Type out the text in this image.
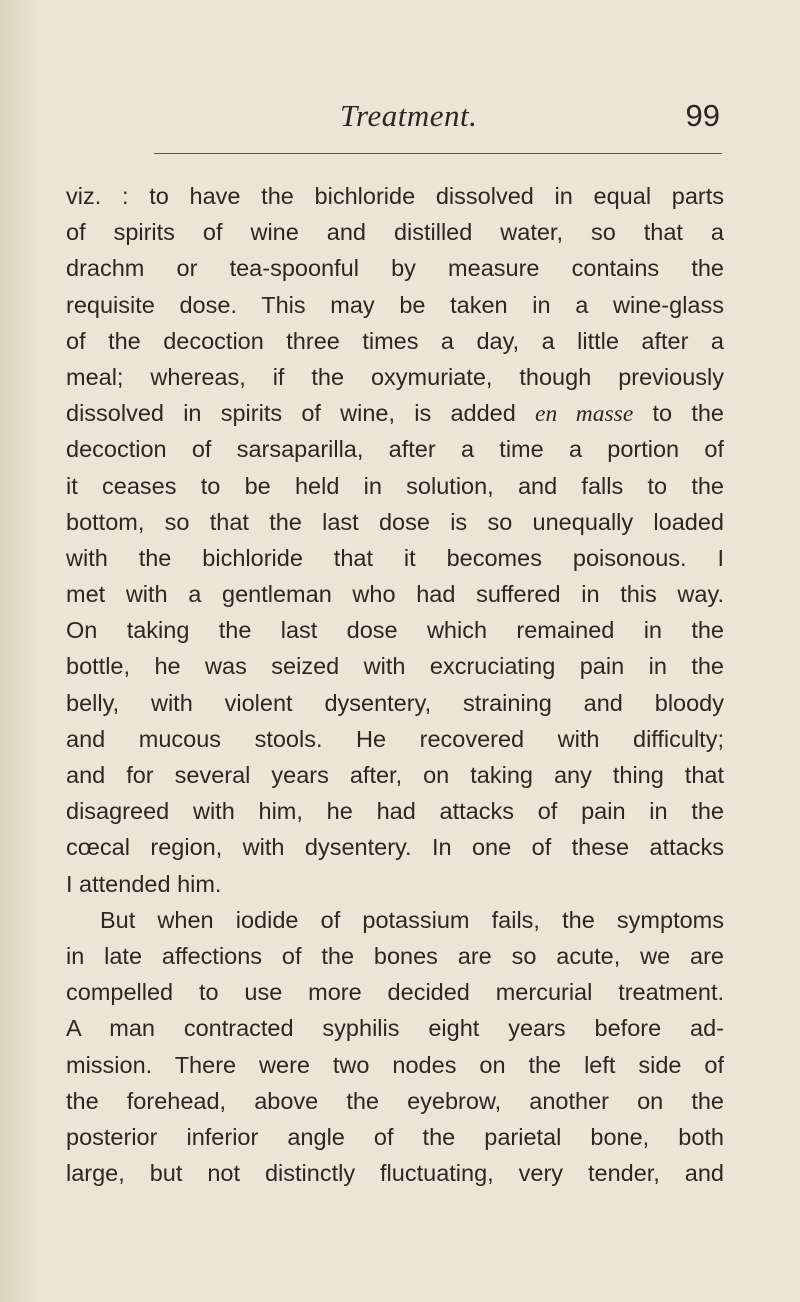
Treatment.	99
viz. : to have the bichloride dissolved in equal parts
of spirits of wine and distilled water, so that a
drachm or tea-spoonful by measure contains the
requisite dose. This may be taken in a wine-glass
of the decoction three times a day, a little after a
meal; whereas, if the oxymuriate, though previously
dissolved in spirits of wine, is added en masse to the
decoction of sarsaparilla, after a time a portion of
it ceases to be held in solution, and falls to the
bottom, so that the last dose is so unequally loaded
with the bichloride that it becomes poisonous. I
met with a gentleman who had suffered in this way.
On taking the last dose which remained in the
bottle, he was seized with excruciating pain in the
belly, with violent dysentery, straining and bloody
and mucous stools. He recovered with difficulty;
and for several years after, on taking any thing that
disagreed with him, he had attacks of pain in the
cœcal region, with dysentery. In one of these attacks
I attended him.
But when iodide of potassium fails, the symptoms
in late affections of the bones are so acute, we are
compelled to use more decided mercurial treatment.
A man contracted syphilis eight years before ad-
mission. There were two nodes on the left side of
the forehead, above the eyebrow, another on the
posterior inferior angle of the parietal bone, both
large, but not distinctly fluctuating, very tender, and
